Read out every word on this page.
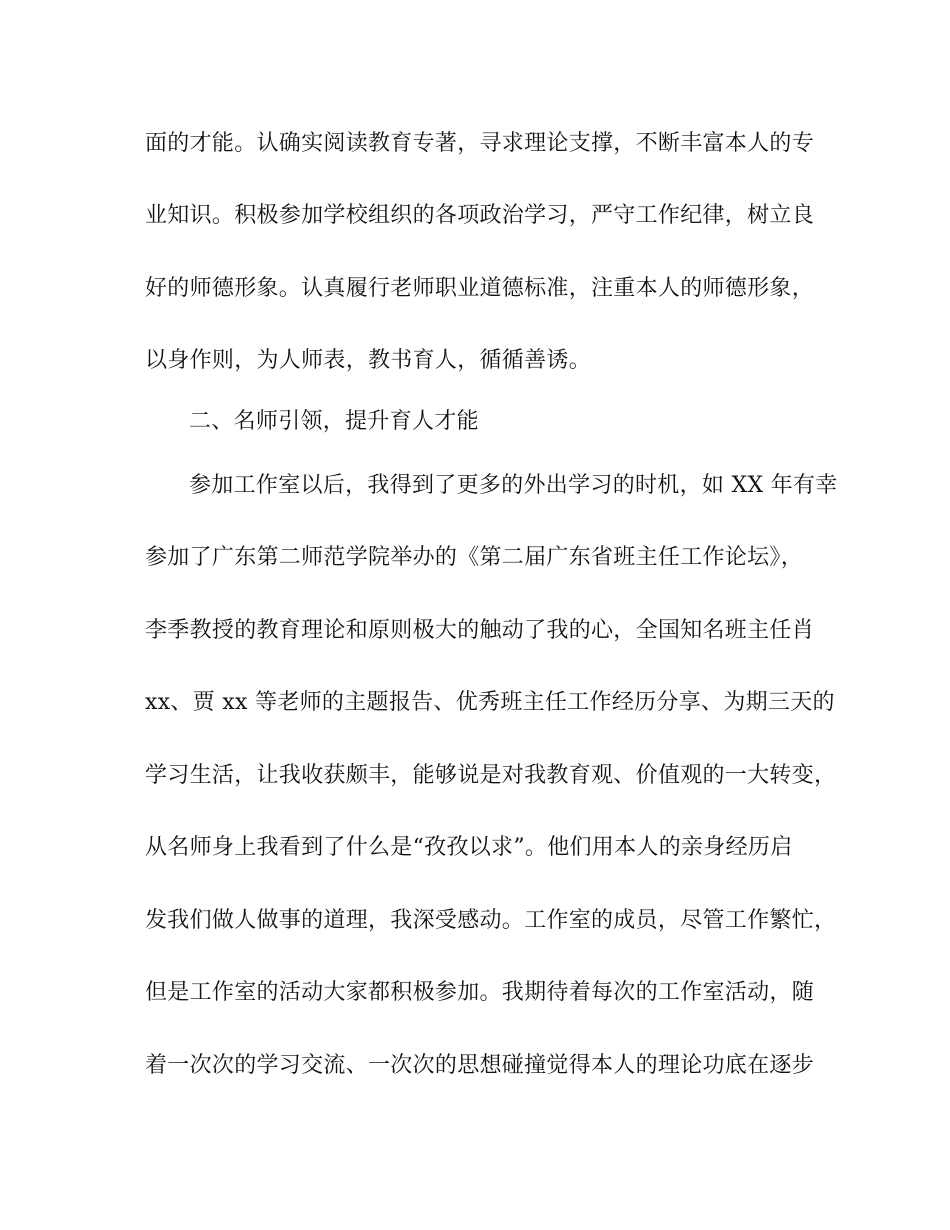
面的才能。认确实阅读教育专著，寻求理论支撑，不断丰富本人的专
业知识。积极参加学校组织的各项政治学习，严守工作纪律，树立良
好的师德形象。认真履行老师职业道德标准，注重本人的师德形象，
以身作则，为人师表，教书育人，循循善诱。
二、名师引领，提升育人才能
参加工作室以后，我得到了更多的外出学习的时机，如 XX 年有幸
参加了广东第二师范学院举办的《第二届广东省班主任工作论坛》，
李季教授的教育理论和原则极大的触动了我的心，全国知名班主任肖
xx、贾 xx 等老师的主题报告、优秀班主任工作经历分享、为期三天的
学习生活，让我收获颇丰，能够说是对我教育观、价值观的一大转变，
从名师身上我看到了什么是“孜孜以求”。他们用本人的亲身经历启
发我们做人做事的道理，我深受感动。工作室的成员，尽管工作繁忙，
但是工作室的活动大家都积极参加。我期待着每次的工作室活动，随
着一次次的学习交流、一次次的思想碰撞觉得本人的理论功底在逐步
